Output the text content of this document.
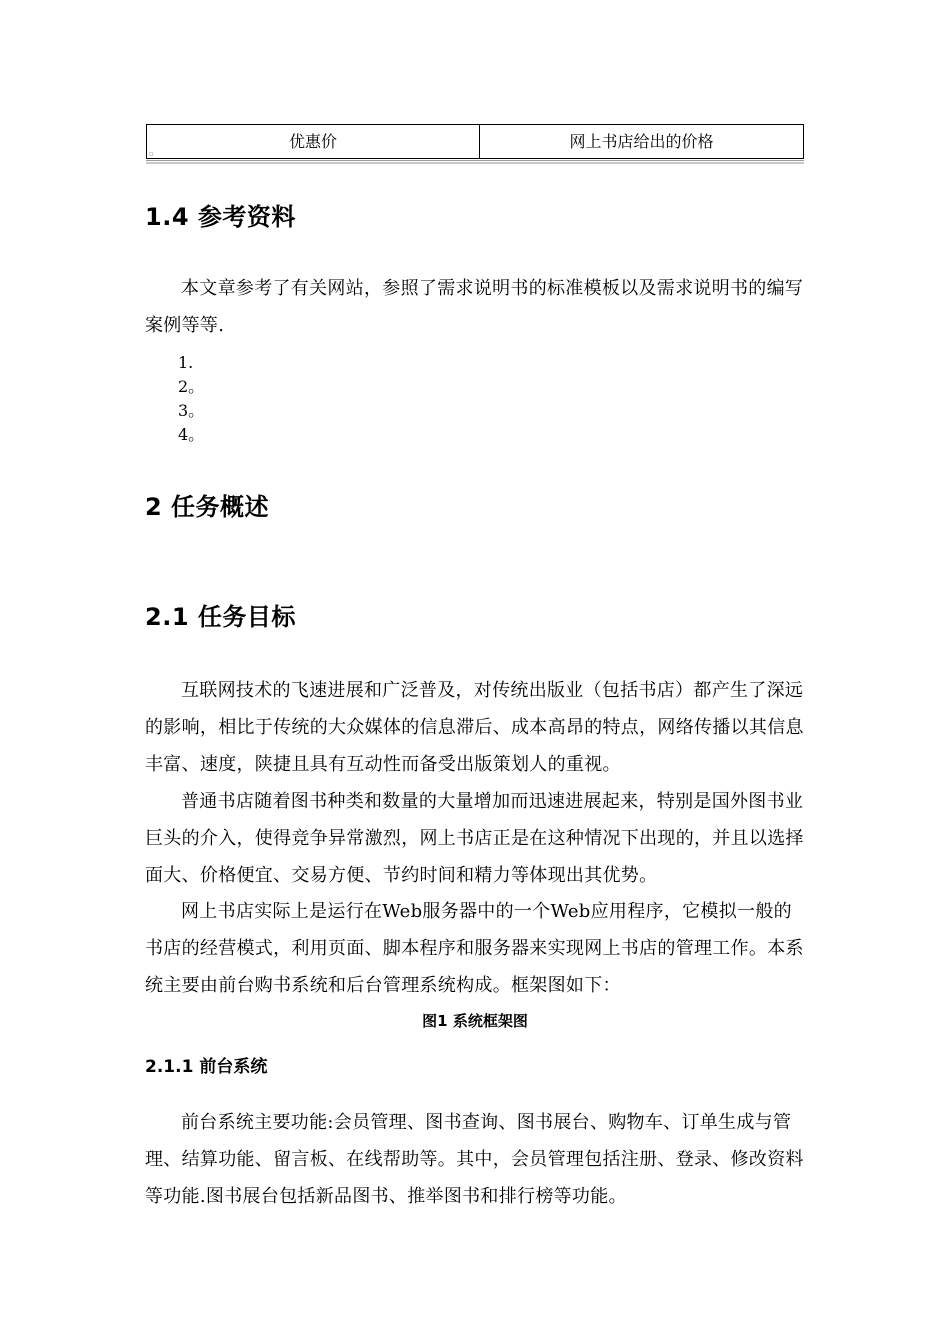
优惠价
▫
网上书店给出的价格
1.4 参考资料

本文章参考了有关网站，参照了需求说明书的标准模板以及需求说明书的编写案例等等.

1.
2。
3。
4。
2 任务概述
2.1 任务目标

互联网技术的飞速进展和广泛普及，对传统出版业（包括书店）都产生了深远的影响，相比于传统的大众媒体的信息滞后、成本高昂的特点，网络传播以其信息丰富、速度，陕捷且具有互动性而备受出版策划人的重视。

普通书店随着图书种类和数量的大量增加而迅速进展起来，特别是国外图书业巨头的介入，使得竞争异常激烈，网上书店正是在这种情况下出现的，并且以选择面大、价格便宜、交易方便、节约时间和精力等体现出其优势。

网上书店实际上是运行在Web服务器中的一个Web应用程序，它模拟一般的书店的经营模式，利用页面、脚本程序和服务器来实现网上书店的管理工作。本系统主要由前台购书系统和后台管理系统构成。框架图如下：

图1 系统框架图
2.1.1 前台系统

前台系统主要功能:会员管理、图书查询、图书展台、购物车、订单生成与管理、结算功能、留言板、在线帮助等。其中，会员管理包括注册、登录、修改资料等功能.图书展台包括新品图书、推举图书和排行榜等功能。
